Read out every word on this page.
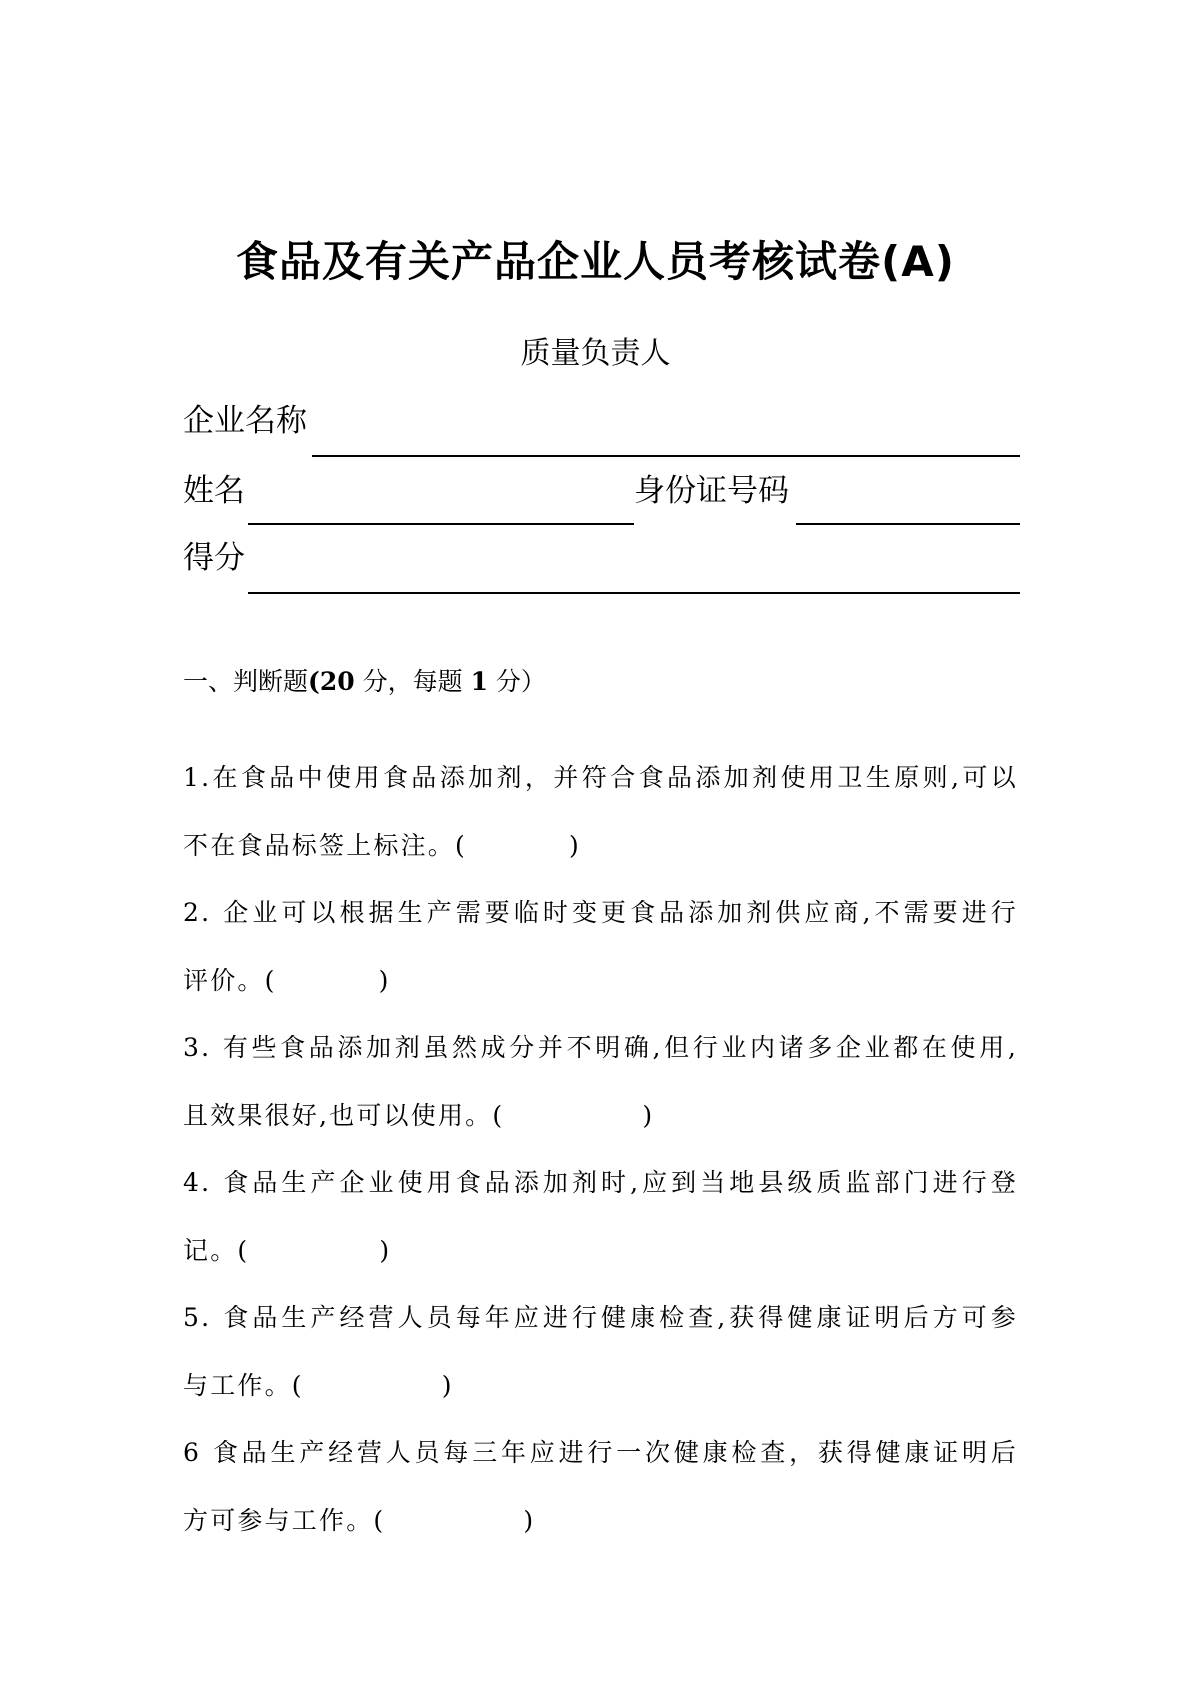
食品及有关产品企业人员考核试卷(A)
质量负责人
企业名称
姓名	身份证号码
得分
一、判断题(20 分，每题 1 分）
1.在食品中使用食品添加剂，并符合食品添加剂使用卫生原则,可以
不在食品标签上标注。(	)
2. 企业可以根据生产需要临时变更食品添加剂供应商,不需要进行
评价。(	)
3. 有些食品添加剂虽然成分并不明确,但行业内诸多企业都在使用,
且效果很好,也可以使用。(	)
4. 食品生产企业使用食品添加剂时,应到当地县级质监部门进行登
记。(	)
5. 食品生产经营人员每年应进行健康检查,获得健康证明后方可参
与工作。(	)
6 食品生产经营人员每三年应进行一次健康检查，获得健康证明后
方可参与工作。(	)
